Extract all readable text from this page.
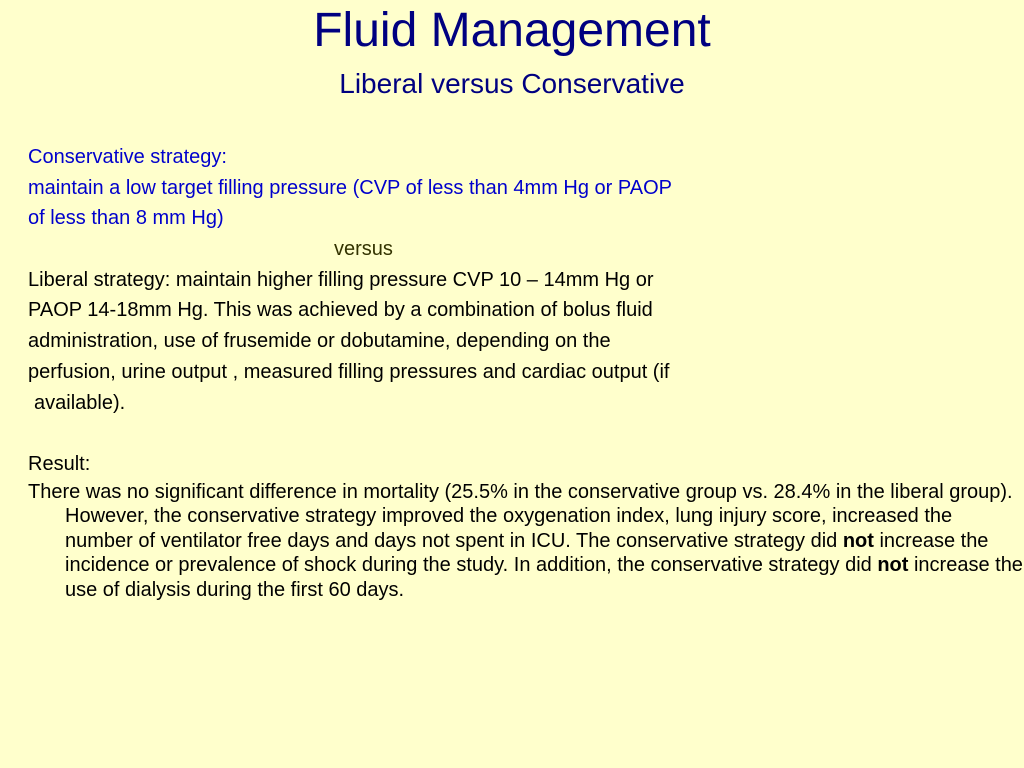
Fluid Management
Liberal versus Conservative
Conservative strategy:
maintain a low target filling pressure (CVP of less than 4mm Hg or PAOP
of less than 8 mm Hg)
versus
Liberal strategy: maintain higher filling pressure CVP 10 – 14mm Hg or
PAOP 14-18mm Hg. This was achieved by a combination of bolus fluid
administration, use of frusemide or dobutamine, depending on the
perfusion, urine output , measured filling pressures and cardiac output (if
available).
Result:
There was no significant difference in mortality (25.5% in the conservative group vs. 28.4% in the liberal group). However, the conservative strategy improved the oxygenation index, lung injury score, increased the number of ventilator free days and days not spent in ICU. The conservative strategy did not increase the incidence or prevalence of shock during the study. In addition, the conservative strategy did not increase the use of dialysis during the first 60 days.
